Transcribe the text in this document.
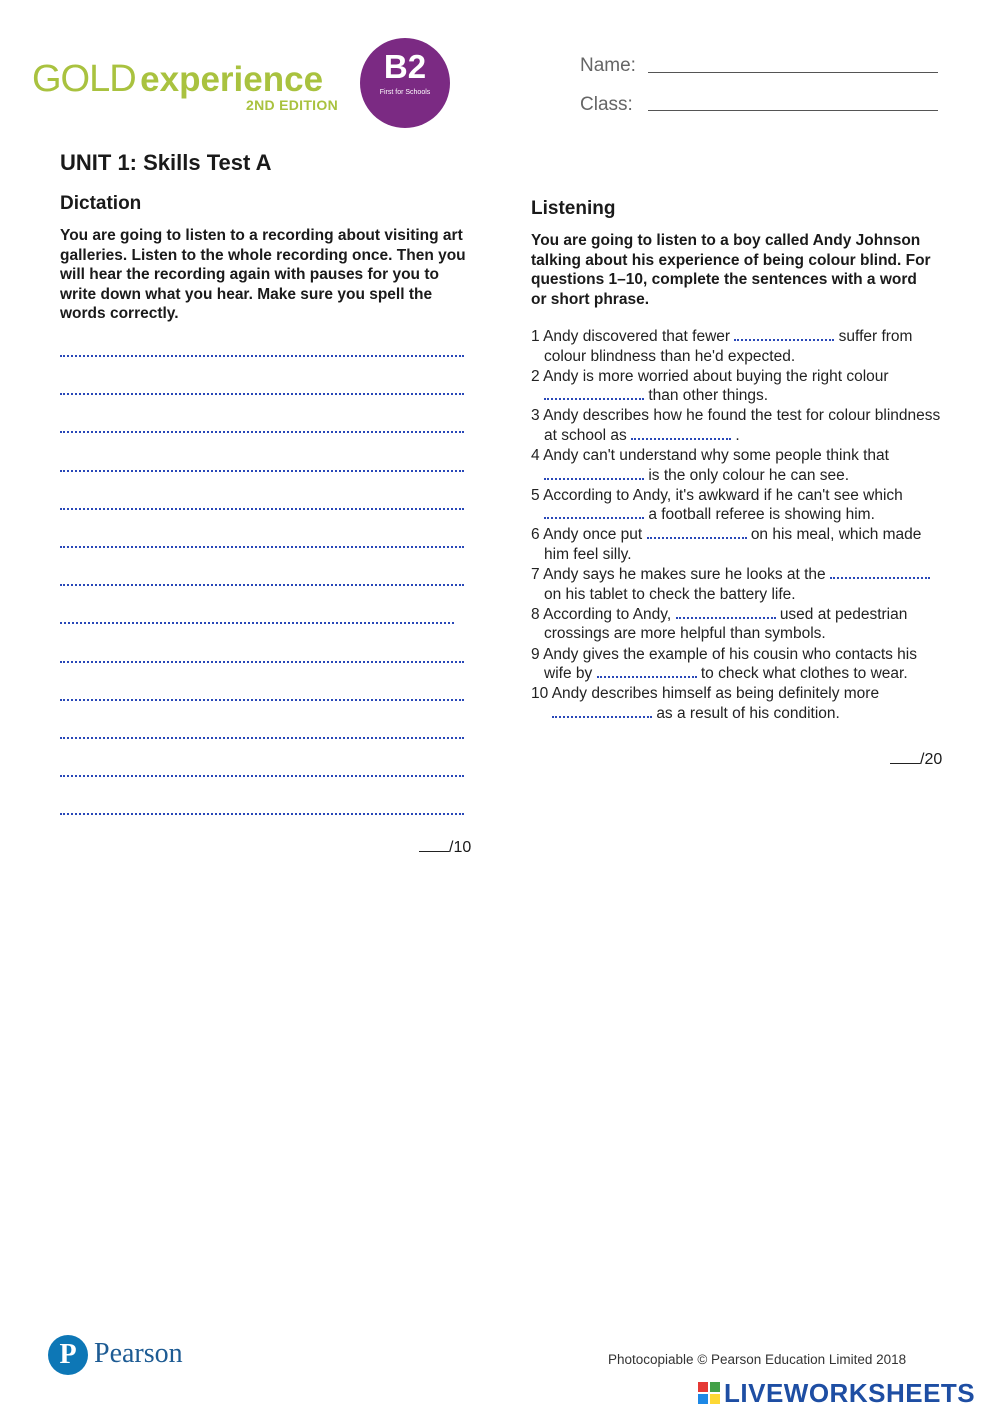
GOLD experience
2ND EDITION
B2
First for Schools
Name:
Class:
UNIT 1: Skills Test A
Dictation
You are going to listen to a recording about visiting art galleries. Listen to the whole recording once. Then you will hear the recording again with pauses for you to write down what you hear. Make sure you spell the words correctly.
/10
Listening
You are going to listen to a boy called Andy Johnson talking about his experience of being colour blind. For questions 1–10, complete the sentences with a word or short phrase.

1 Andy discovered that fewer	suffer from colour blindness than he'd expected.

2 Andy is more worried about buying the right colour  than other things.

3 Andy describes how he found the test for colour blindness at school as	.

4 Andy can't understand why some people think that  is the only colour he can see.

5 According to Andy, it's awkward if he can't see which  a football referee is showing him.

6 Andy once put	on his meal, which made him feel silly.

7 Andy says he makes sure he looks at the  on his tablet to check the battery life.

8 According to Andy,	used at pedestrian crossings are more helpful than symbols.

9 Andy gives the example of his cousin who contacts his wife by	to check what clothes to wear.

10 Andy describes himself as being definitely more  as a result of his condition.

/20
P Pearson	Photocopiable © Pearson Education Limited 2018
LIVEWORKSHEETS
